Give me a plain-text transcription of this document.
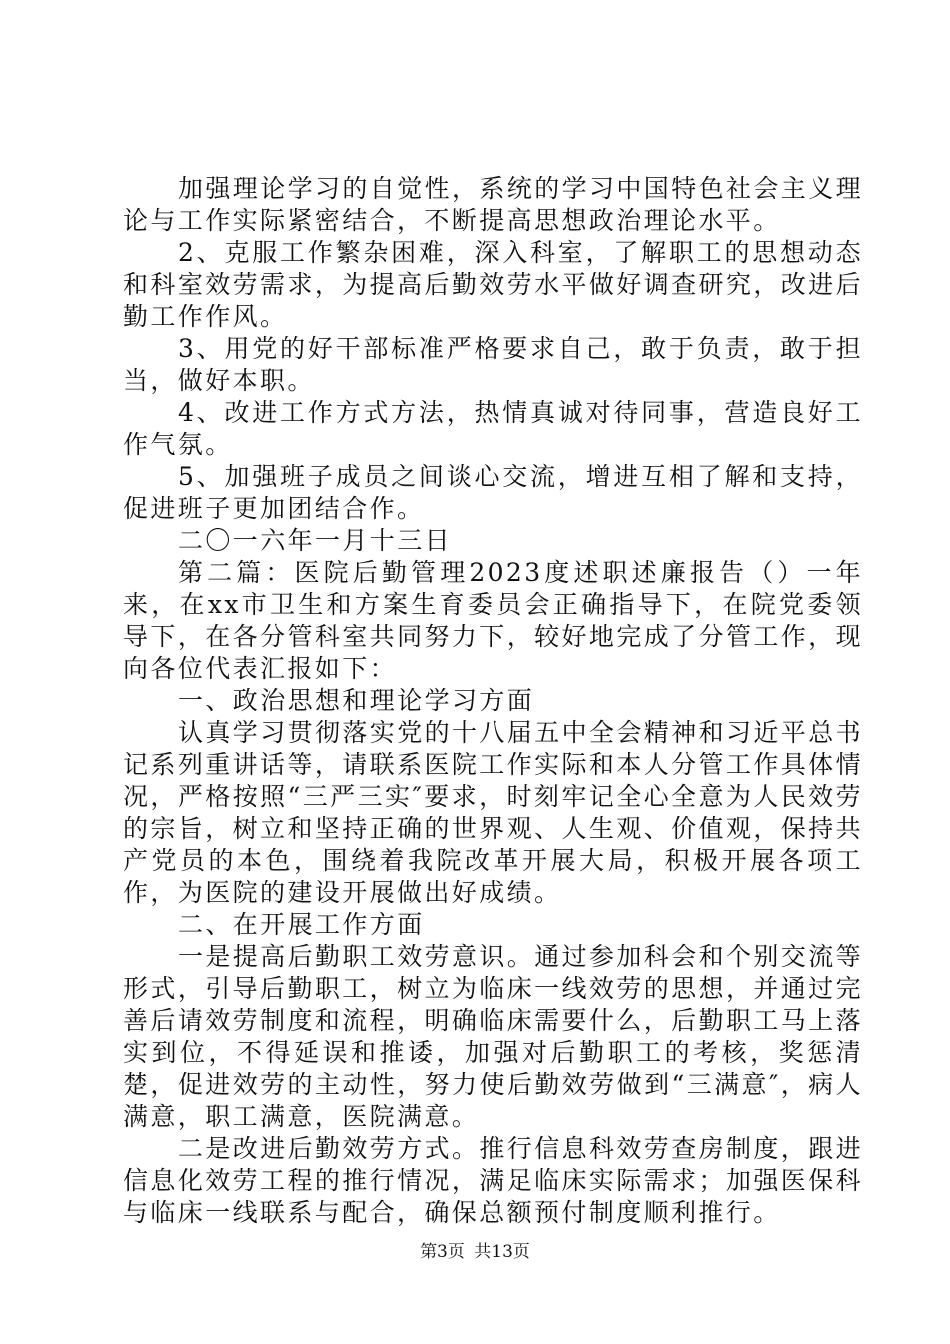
加强理论学习的自觉性，系统的学习中国特色社会主义理论与工作实际紧密结合，不断提高思想政治理论水平。

2、克服工作繁杂困难，深入科室，了解职工的思想动态和科室效劳需求，为提高后勤效劳水平做好调查研究，改进后勤工作作风。

3、用党的好干部标准严格要求自己，敢于负责，敢于担当，做好本职。

4、改进工作方式方法，热情真诚对待同事，营造良好工作气氛。

5、加强班子成员之间谈心交流，增进互相了解和支持，促进班子更加团结合作。

二〇一六年一月十三日

第二篇：医院后勤管理2023度述职述廉报告（）一年来，在xx市卫生和方案生育委员会正确指导下，在院党委领导下，在各分管科室共同努力下，较好地完成了分管工作，现向各位代表汇报如下：

一、政治思想和理论学习方面

认真学习贯彻落实党的十八届五中全会精神和习近平总书记系列重讲话等，请联系医院工作实际和本人分管工作具体情况，严格按照“三严三实″要求，时刻牢记全心全意为人民效劳的宗旨，树立和坚持正确的世界观、人生观、价值观，保持共产党员的本色，围绕着我院改革开展大局，积极开展各项工作，为医院的建设开展做出好成绩。

二、在开展工作方面

一是提高后勤职工效劳意识。通过参加科会和个别交流等形式，引导后勤职工，树立为临床一线效劳的思想，并通过完善后请效劳制度和流程，明确临床需要什么，后勤职工马上落实到位，不得延误和推诿，加强对后勤职工的考核，奖惩清楚，促进效劳的主动性，努力使后勤效劳做到“三满意″，病人满意，职工满意，医院满意。

二是改进后勤效劳方式。推行信息科效劳查房制度，跟进信息化效劳工程的推行情况，满足临床实际需求；加强医保科与临床一线联系与配合，确保总额预付制度顺利推行。

第3页 共13页
